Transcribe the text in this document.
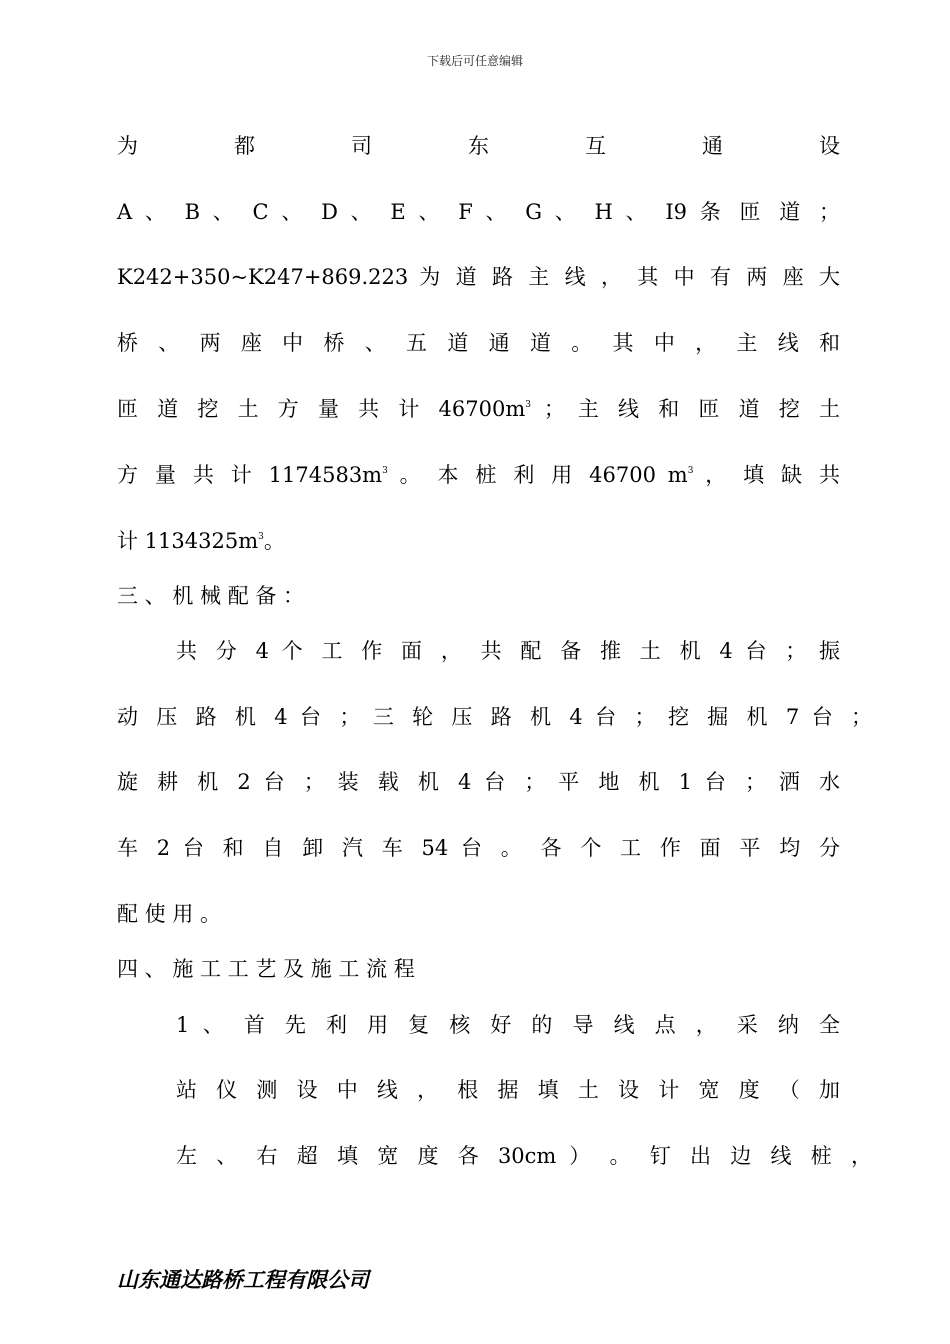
下载后可任意编辑
为 都 司 东 互 通 设
A 、 B 、 C 、 D 、 E 、 F 、 G 、 H 、 I9 条 匝 道 ；
K242+350~K247+869.223 为 道 路 主 线 ， 其 中 有 两 座 大
桥 、 两 座 中 桥 、 五 道 通 道 。 其 中 ， 主 线 和
匝 道 挖 土 方 量 共 计 $46700m^3$ ； 主 线 和 匝 道 挖 土
方 量 共 计 $1174583m^3$ 。 本 桩 利 用 46700 $m^3$ ， 填 缺 共
计 $1134325m^3$。
三 、 机 械 配 备 ：
共 分 4 个 工 作 面 ， 共 配 备 推 土 机 4 台 ； 振
动 压 路 机 4 台 ； 三 轮 压 路 机 4 台 ； 挖 掘 机 7 台 ；
旋 耕 机 2 台 ； 装 载 机 4 台 ； 平 地 机 1 台 ； 洒 水
车 2 台 和 自 卸 汽 车 54 台 。 各 个 工 作 面 平 均 分
配 使 用 。
四 、 施 工 工 艺 及 施 工 流 程
1 、 首 先 利 用 复 核 好 的 导 线 点 ， 采 纳 全
站 仪 测 设 中 线 ， 根 据 填 土 设 计 宽 度 （ 加
左 、 右 超 填 宽 度 各 30cm ） 。 钉 出 边 线 桩 ，
山东通达路桥工程有限公司
